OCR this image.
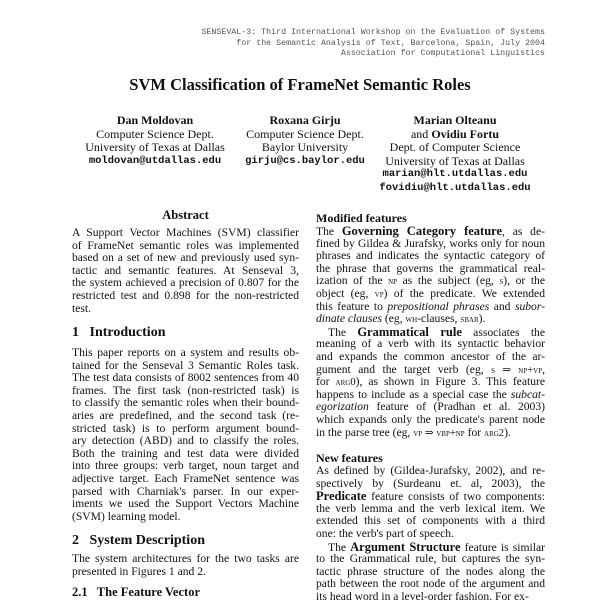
SENSEVAL-3: Third International Workshop on the Evaluation of Systems
for the Semantic Analysis of Text, Barcelona, Spain, July 2004
Association for Computational Linguistics
SVM Classification of FrameNet Semantic Roles
Dan Moldovan
Computer Science Dept.
University of Texas at Dallas
moldovan@utdallas.edu
Roxana Girju
Computer Science Dept.
Baylor University
girju@cs.baylor.edu
Marian Olteanu
and Ovidiu Fortu
Dept. of Computer Science
University of Texas at Dallas
marian@hlt.utdallas.edu
fovidiu@hlt.utdallas.edu
Abstract
A Support Vector Machines (SVM) classifier
of FrameNet semantic roles was implemented
based on a set of new and previously used syn-
tactic and semantic features. At Senseval 3,
the system achieved a precision of 0.807 for the
restricted test and 0.898 for the non-restricted
test.
1   Introduction
This paper reports on a system and results ob-
tained for the Senseval 3 Semantic Roles task.
The test data consists of 8002 sentences from 40
frames. The first task (non-restricted task) is
to classify the semantic roles when their bound-
aries are predefined, and the second task (re-
stricted task) is to perform argument bound-
ary detection (ABD) and to classify the roles.
Both the training and test data were divided
into three groups: verb target, noun target and
adjective target. Each FrameNet sentence was
parsed with Charniak's parser. In our exper-
iments we used the Support Vectors Machine
(SVM) learning model.
2   System Description
The system architectures for the two tasks are
presented in Figures 1 and 2.
2.1   The Feature Vector
Modified features
The Governing Category feature, as de-
fined by Gildea & Jurafsky, works only for noun
phrases and indicates the syntactic category of
the phrase that governs the grammatical real-
ization of the np as the subject (eg, s), or the
object (eg, vp) of the predicate. We extended
this feature to prepositional phrases and subor-
dinate clauses (eg, wh-clauses, sbar).
The Grammatical rule associates the
meaning of a verb with its syntactic behavior
and expands the common ancestor of the ar-
gument and the target verb (eg, s ⇒ np+vp,
for arg0), as shown in Figure 3. This feature
happens to include as a special case the subcat-
egorization feature of (Pradhan et al. 2003)
which expands only the predicate's parent node
in the parse tree (eg, vp ⇒ vbp+np for arg2).
New features
As defined by (Gildea-Jurafsky, 2002), and re-
spectively by (Surdeanu et. al, 2003), the
Predicate feature consists of two components:
the verb lemma and the verb lexical item. We
extended this set of components with a third
one: the verb's part of speech.
The Argument Structure feature is similar
to the Grammatical rule, but captures the syn-
tactic phrase structure of the nodes along the
path between the root node of the argument and
its head word in a level-order fashion. For ex-
